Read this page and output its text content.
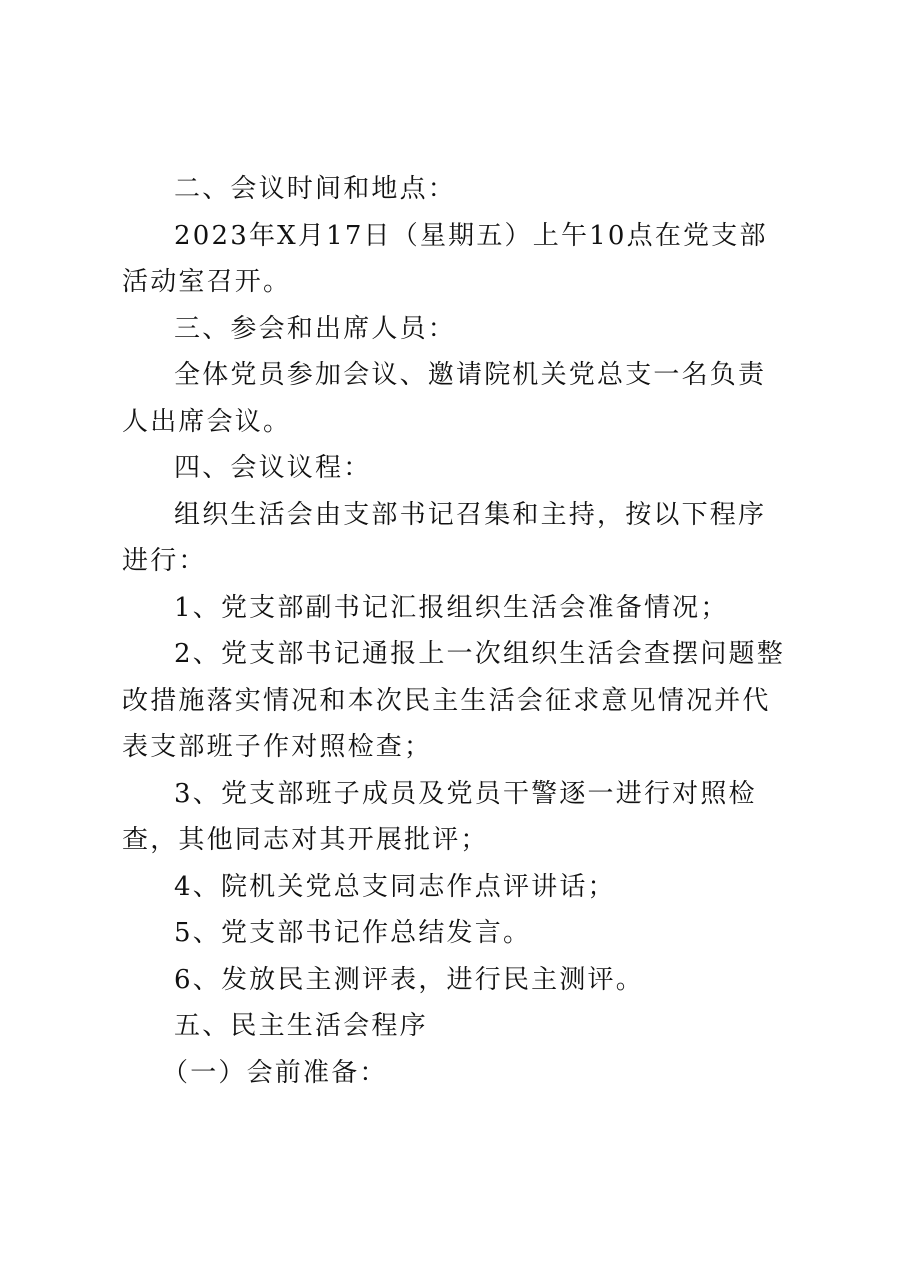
二、会议时间和地点：

2023年X月17日（星期五）上午10点在党支部活动室召开。

三、参会和出席人员：

全体党员参加会议、邀请院机关党总支一名负责人出席会议。

四、会议议程：

组织生活会由支部书记召集和主持，按以下程序进行：

1、党支部副书记汇报组织生活会准备情况；

2、党支部书记通报上一次组织生活会查摆问题整改措施落实情况和本次民主生活会征求意见情况并代表支部班子作对照检查；

3、党支部班子成员及党员干警逐一进行对照检查，其他同志对其开展批评；

4、院机关党总支同志作点评讲话；

5、党支部书记作总结发言。

6、发放民主测评表，进行民主测评。

五、民主生活会程序

（一）会前准备：
